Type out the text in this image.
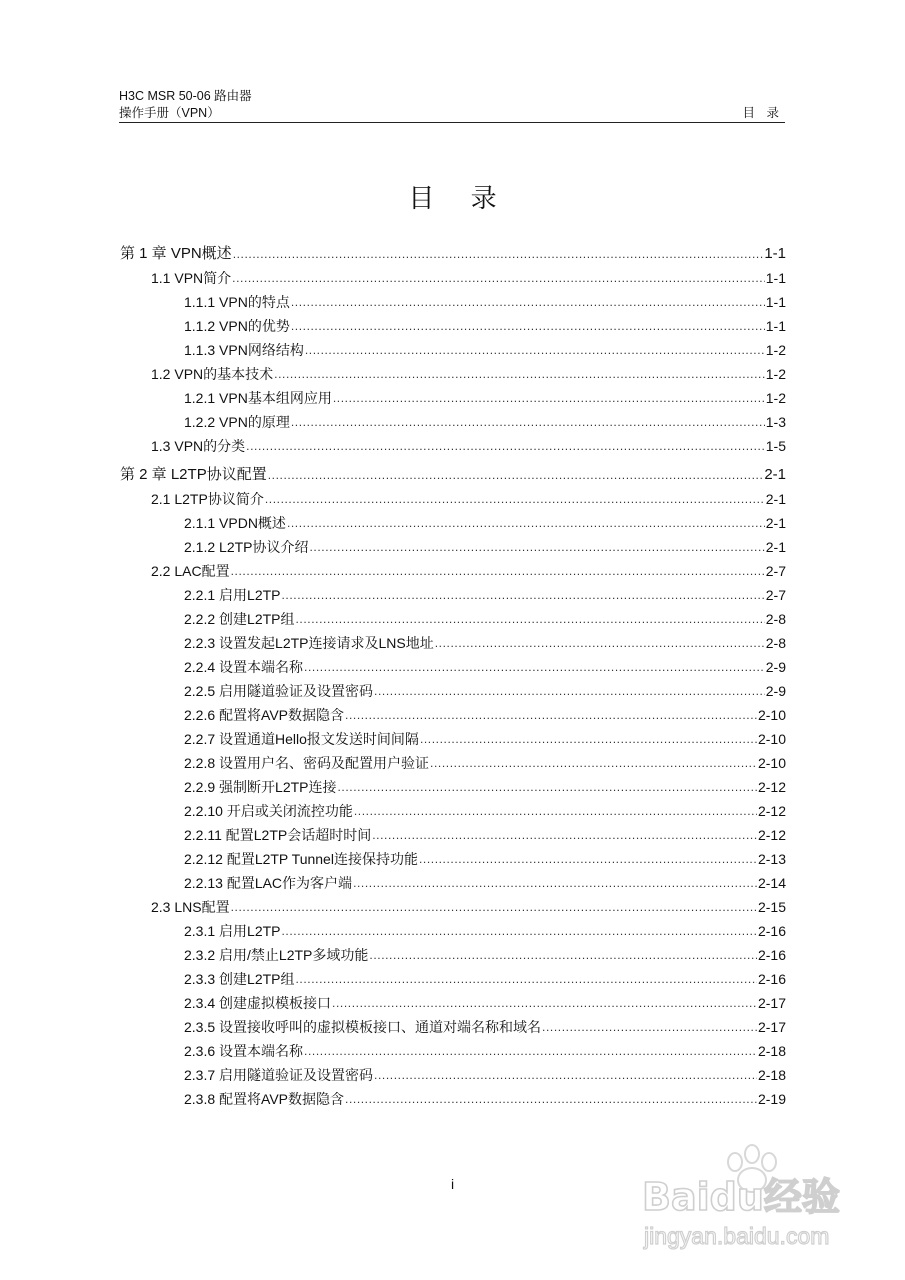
H3C MSR 50-06 路由器
操作手册（VPN）	目 录
目 录
第 1 章 VPN概述 .....	1-1
1.1 VPN简介 .....	1-1
1.1.1 VPN的特点 .....	1-1
1.1.2 VPN的优势 .....	1-1
1.1.3 VPN网络结构 .....	1-2
1.2 VPN的基本技术 .....	1-2
1.2.1 VPN基本组网应用 .....	1-2
1.2.2 VPN的原理 .....	1-3
1.3 VPN的分类 .....	1-5
第 2 章 L2TP协议配置 .....	2-1
2.1 L2TP协议简介 .....	2-1
2.1.1 VPDN概述 .....	2-1
2.1.2 L2TP协议介绍 .....	2-1
2.2 LAC配置 .....	2-7
2.2.1 启用L2TP .....	2-7
2.2.2 创建L2TP组 .....	2-8
2.2.3 设置发起L2TP连接请求及LNS地址 .....	2-8
2.2.4 设置本端名称 .....	2-9
2.2.5 启用隧道验证及设置密码 .....	2-9
2.2.6 配置将AVP数据隐含 .....	2-10
2.2.7 设置通道Hello报文发送时间间隔 .....	2-10
2.2.8 设置用户名、密码及配置用户验证 .....	2-10
2.2.9 强制断开L2TP连接 .....	2-12
2.2.10 开启或关闭流控功能 .....	2-12
2.2.11 配置L2TP会话超时时间 .....	2-12
2.2.12 配置L2TP Tunnel连接保持功能 .....	2-13
2.2.13 配置LAC作为客户端 .....	2-14
2.3 LNS配置 .....	2-15
2.3.1 启用L2TP .....	2-16
2.3.2 启用/禁止L2TP多域功能 .....	2-16
2.3.3 创建L2TP组 .....	2-16
2.3.4 创建虚拟模板接口 .....	2-17
2.3.5 设置接收呼叫的虚拟模板接口、通道对端名称和域名 .....	2-17
2.3.6 设置本端名称 .....	2-18
2.3.7 启用隧道验证及设置密码 .....	2-18
2.3.8 配置将AVP数据隐含 .....	2-19
i	Baidu经验
jingyan.baidu.com
